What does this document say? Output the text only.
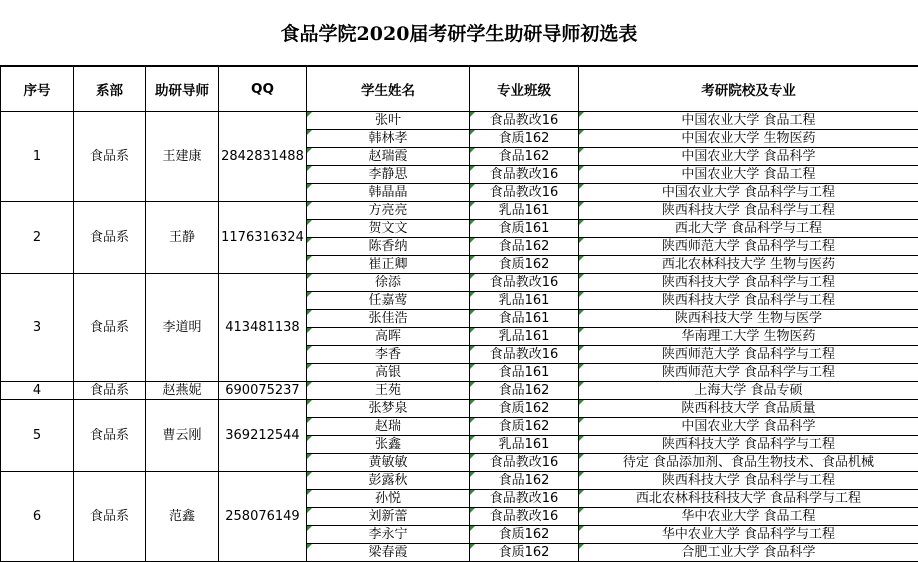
食品学院2020届考研学生助研导师初选表
序号	系部	助研导师	QQ	学生姓名	专业班级	考研院校及专业
1	食品系	王建康	2842831488	张叶	食品教改16	中国农业大学 食品工程
				韩林孝	食质162	中国农业大学 生物医药
				赵瑞霞	食品162	中国农业大学 食品科学
				李静思	食品教改16	中国农业大学 食品工程
				韩晶晶	食品教改16	中国农业大学 食品科学与工程
2	食品系	王静	1176316324	方亮亮	乳品161	陕西科技大学 食品科学与工程
				贺文文	食质161	西北大学 食品科学与工程
				陈香纳	食品162	陕西师范大学 食品科学与工程
				崔正卿	食质162	西北农林科技大学 生物与医药
3	食品系	李道明	413481138	徐添	食品教改16	陕西科技大学 食品科学与工程
				任嘉莺	乳品161	陕西科技大学 食品科学与工程
				张佳浩	食品161	陕西科技大学 生物与医学
				高晖	乳品161	华南理工大学 生物医药
				李香	食品教改16	陕西师范大学 食品科学与工程
				高银	食品161	陕西师范大学 食品科学与工程
4	食品系	赵燕妮	690075237	王苑	食品162	上海大学 食品专硕
5	食品系	曹云刚	369212544	张梦泉	食质162	陕西科技大学 食品质量
				赵瑞	食质162	中国农业大学 食品科学
				张鑫	乳品161	陕西科技大学 食品科学与工程
				黄敏敏	食品教改16	待定 食品添加剂、食品生物技术、食品机械
6	食品系	范鑫	258076149	彭露秋	食品162	陕西科技大学 食品科学与工程
				孙悦	食品教改16	西北农林科技科技大学 食品科学与工程
				刘新蕾	食品教改16	华中农业大学 食品工程
				李永宁	食质162	华中农业大学 食品科学与工程
				梁春霞	食质162	合肥工业大学 食品科学
